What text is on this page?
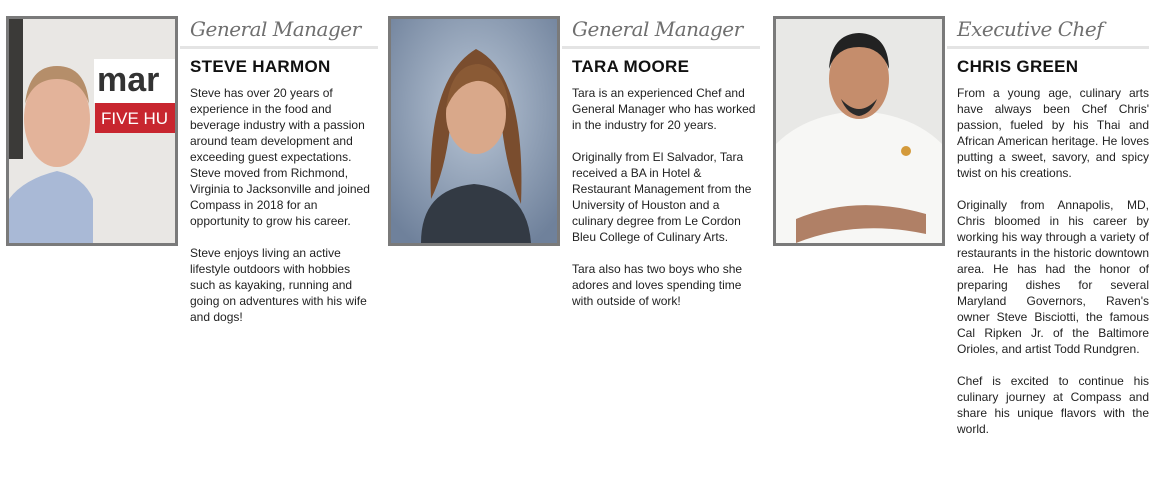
mar
FIVE HU
General Manager
STEVE HARMON

Steve has over 20 years of experience in the food and beverage industry with a passion around team development and exceeding guest expectations. Steve moved from Richmond, Virginia to Jacksonville and joined Compass in 2018 for an opportunity to grow his career.

Steve enjoys living an active lifestyle outdoors with hobbies such as kayaking, running and going on adventures with his wife and dogs!

General Manager
TARA MOORE

Tara is an experienced Chef and General Manager who has worked in the industry for 20 years.

Originally from El Salvador, Tara received a BA in Hotel & Restaurant Management from the University of Houston and a culinary degree from Le Cordon Bleu College of Culinary Arts.

Tara also has two boys who she adores and loves spending time with outside of work!

Executive Chef
CHRIS GREEN

From a young age, culinary arts have always been Chef Chris' passion, fueled by his Thai and African American heritage. He loves putting a sweet, savory, and spicy twist on his creations.

Originally from Annapolis, MD, Chris bloomed in his career by working his way through a variety of restaurants in the historic downtown area. He has had the honor of preparing dishes for several Maryland Governors, Raven's owner Steve Bisciotti, the famous Cal Ripken Jr. of the Baltimore Orioles, and artist Todd Rundgren.

Chef is excited to continue his culinary journey at Compass and share his unique flavors with the world.
